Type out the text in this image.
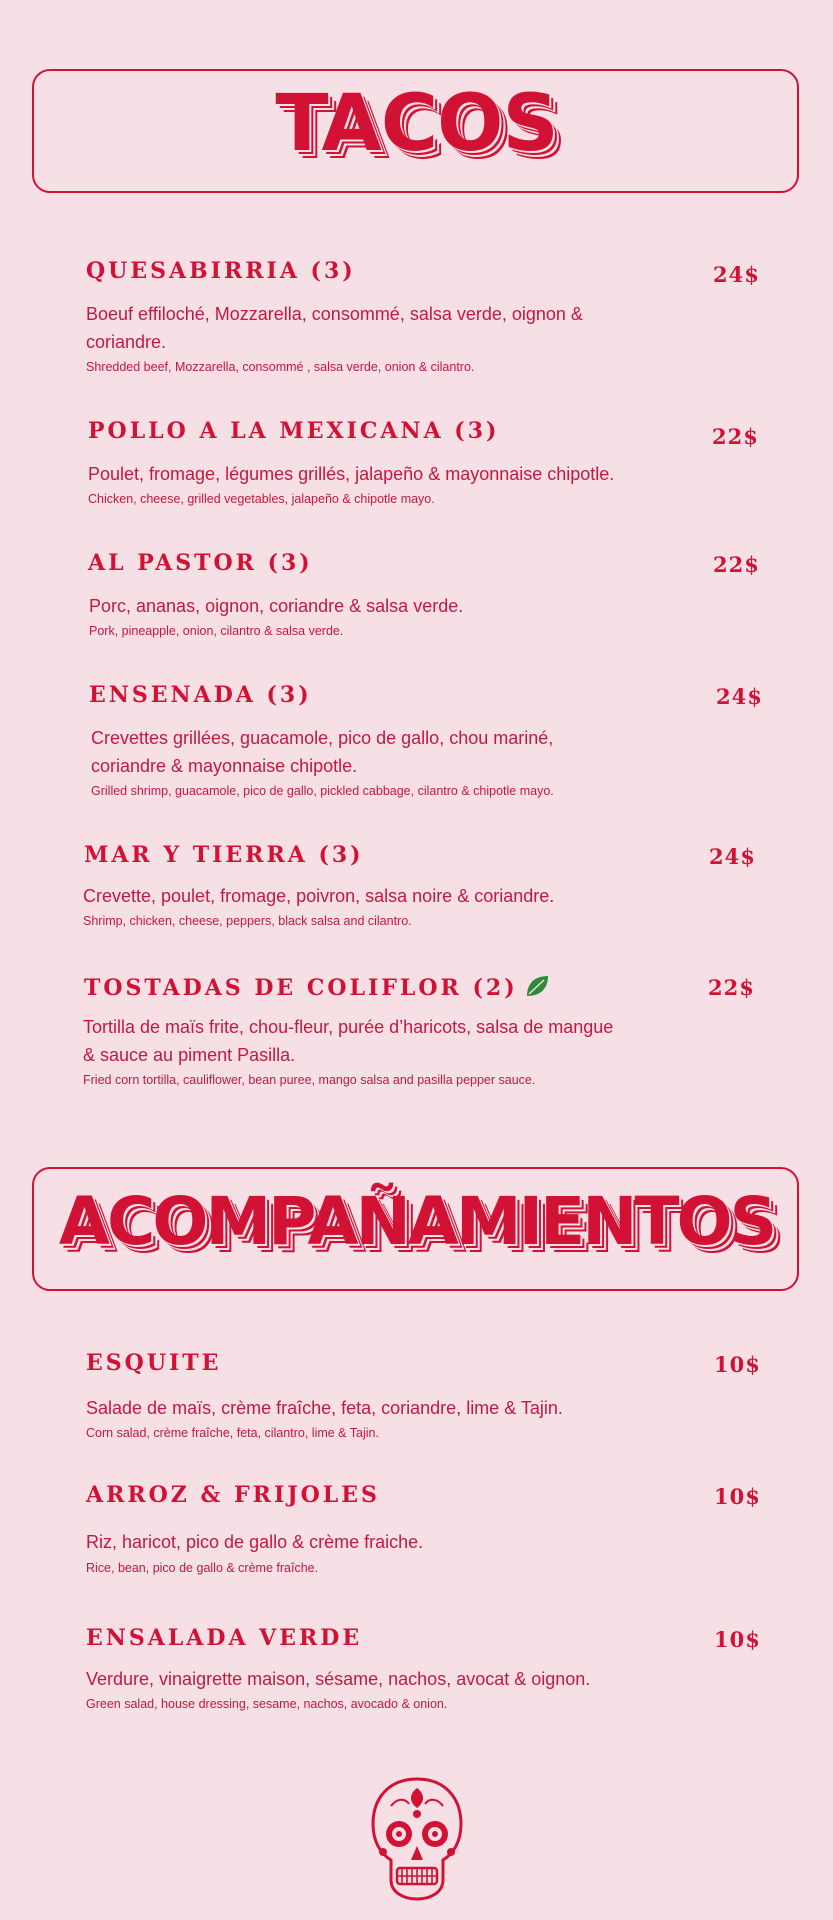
TACOS
QUESABIRRIA (3)	24$
Boeuf effiloché, Mozzarella, consommé, salsa verde, oignon & coriandre.
Shredded beef, Mozzarella, consommé , salsa verde, onion & cilantro.
POLLO A LA MEXICANA (3)	22$
Poulet, fromage, légumes grillés, jalapeño & mayonnaise chipotle.
Chicken, cheese, grilled vegetables, jalapeño & chipotle mayo.
AL PASTOR (3)	22$
Porc, ananas, oignon, coriandre & salsa verde.
Pork, pineapple, onion, cilantro & salsa verde.
ENSENADA (3)	24$
Crevettes grillées, guacamole, pico de gallo, chou mariné, coriandre & mayonnaise chipotle.
Grilled shrimp, guacamole, pico de gallo, pickled cabbage, cilantro & chipotle mayo.
MAR Y TIERRA (3)	24$
Crevette, poulet, fromage, poivron, salsa noire & coriandre.
Shrimp, chicken, cheese, peppers, black salsa and cilantro.
TOSTADAS DE COLIFLOR (2)	22$
Tortilla de maïs frite, chou-fleur, purée d’haricots, salsa de mangue & sauce au piment Pasilla.
Fried corn tortilla, cauliflower, bean puree, mango salsa and pasilla pepper sauce.
ACOMPAÑAMIENTOS
ESQUITE	10$
Salade de maïs, crème fraîche, feta, coriandre, lime & Tajin.
Corn salad, crème fraîche, feta, cilantro, lime & Tajin.
ARROZ & FRIJOLES	10$
Riz, haricot, pico de gallo & crème fraiche.
Rice, bean, pico de gallo & crème fraîche.
ENSALADA VERDE	10$
Verdure, vinaigrette maison, sésame, nachos, avocat & oignon.
Green salad, house dressing, sesame, nachos, avocado & onion.
